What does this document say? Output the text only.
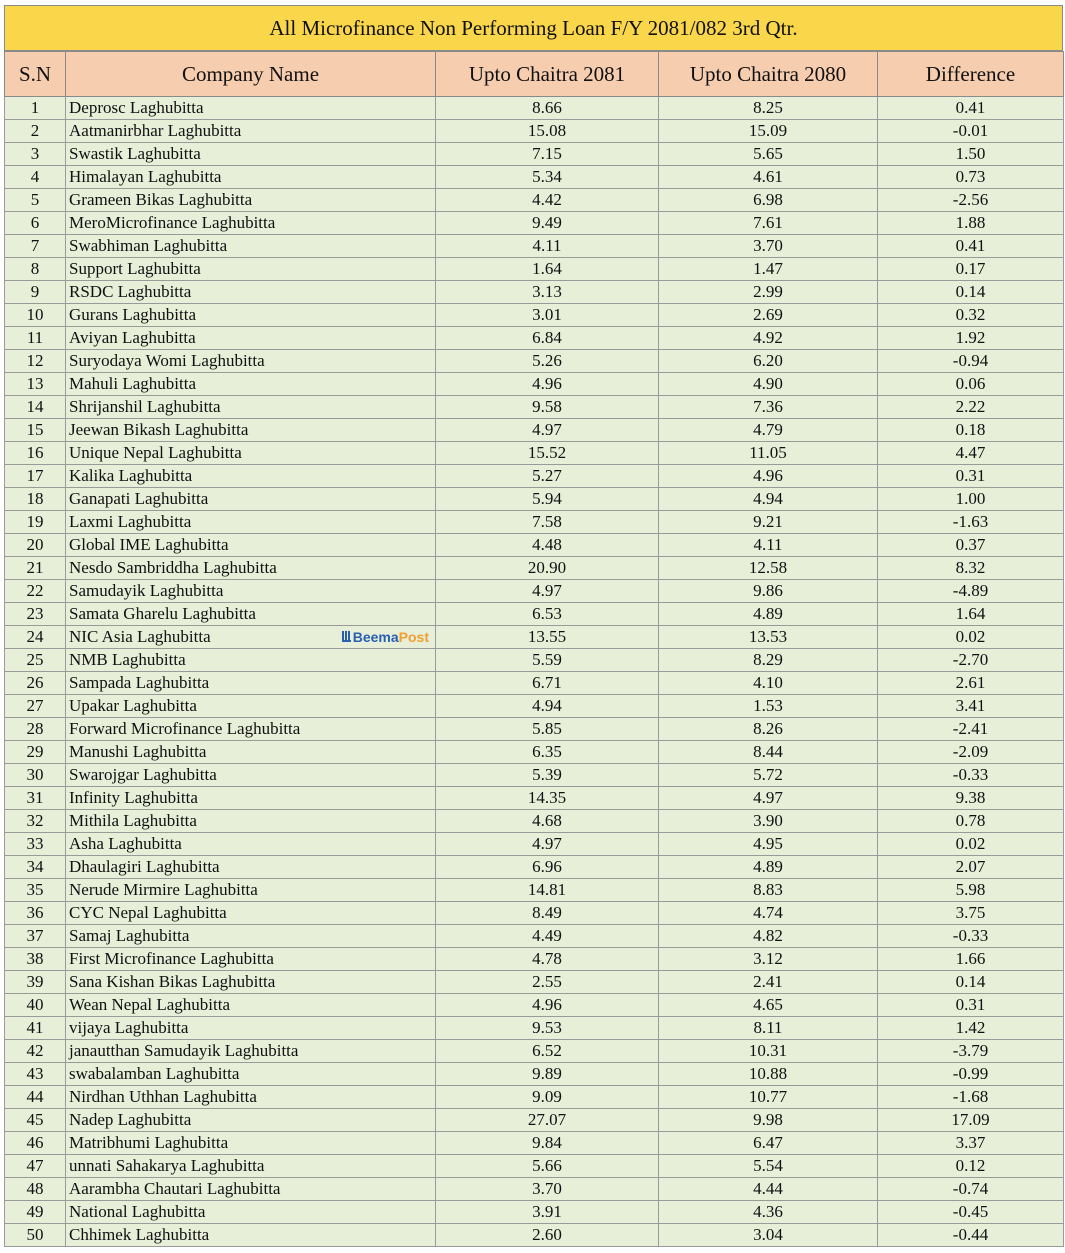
All Microfinance Non Performing Loan F/Y 2081/082 3rd Qtr.
S.N	Company Name	Upto Chaitra 2081	Upto Chaitra 2080	Difference
1	Deprosc Laghubitta	8.66	8.25	0.41
2	Aatmanirbhar Laghubitta	15.08	15.09	-0.01
3	Swastik Laghubitta	7.15	5.65	1.50
4	Himalayan Laghubitta	5.34	4.61	0.73
5	Grameen Bikas Laghubitta	4.42	6.98	-2.56
6	MeroMicrofinance Laghubitta	9.49	7.61	1.88
7	Swabhiman Laghubitta	4.11	3.70	0.41
8	Support Laghubitta	1.64	1.47	0.17
9	RSDC Laghubitta	3.13	2.99	0.14
10	Gurans Laghubitta	3.01	2.69	0.32
11	Aviyan Laghubitta	6.84	4.92	1.92
12	Suryodaya Womi Laghubitta	5.26	6.20	-0.94
13	Mahuli Laghubitta	4.96	4.90	0.06
14	Shrijanshil Laghubitta	9.58	7.36	2.22
15	Jeewan Bikash Laghubitta	4.97	4.79	0.18
16	Unique Nepal Laghubitta	15.52	11.05	4.47
17	Kalika Laghubitta	5.27	4.96	0.31
18	Ganapati Laghubitta	5.94	4.94	1.00
19	Laxmi Laghubitta	7.58	9.21	-1.63
20	Global IME Laghubitta	4.48	4.11	0.37
21	Nesdo Sambriddha Laghubitta	20.90	12.58	8.32
22	Samudayik Laghubitta	4.97	9.86	-4.89
23	Samata Gharelu Laghubitta	6.53	4.89	1.64
24	NIC Asia Laghubitta BeemaPost	13.55	13.53	0.02
25	NMB Laghubitta	5.59	8.29	-2.70
26	Sampada Laghubitta	6.71	4.10	2.61
27	Upakar Laghubitta	4.94	1.53	3.41
28	Forward Microfinance Laghubitta	5.85	8.26	-2.41
29	Manushi Laghubitta	6.35	8.44	-2.09
30	Swarojgar Laghubitta	5.39	5.72	-0.33
31	Infinity Laghubitta	14.35	4.97	9.38
32	Mithila Laghubitta	4.68	3.90	0.78
33	Asha Laghubitta	4.97	4.95	0.02
34	Dhaulagiri Laghubitta	6.96	4.89	2.07
35	Nerude Mirmire Laghubitta	14.81	8.83	5.98
36	CYC Nepal Laghubitta	8.49	4.74	3.75
37	Samaj Laghubitta	4.49	4.82	-0.33
38	First Microfinance Laghubitta	4.78	3.12	1.66
39	Sana Kishan Bikas Laghubitta	2.55	2.41	0.14
40	Wean Nepal Laghubitta	4.96	4.65	0.31
41	vijaya Laghubitta	9.53	8.11	1.42
42	janautthan Samudayik Laghubitta	6.52	10.31	-3.79
43	swabalamban Laghubitta	9.89	10.88	-0.99
44	Nirdhan Uthhan Laghubitta	9.09	10.77	-1.68
45	Nadep Laghubitta	27.07	9.98	17.09
46	Matribhumi Laghubitta	9.84	6.47	3.37
47	unnati Sahakarya Laghubitta	5.66	5.54	0.12
48	Aarambha Chautari Laghubitta	3.70	4.44	-0.74
49	National Laghubitta	3.91	4.36	-0.45
50	Chhimek Laghubitta	2.60	3.04	-0.44
